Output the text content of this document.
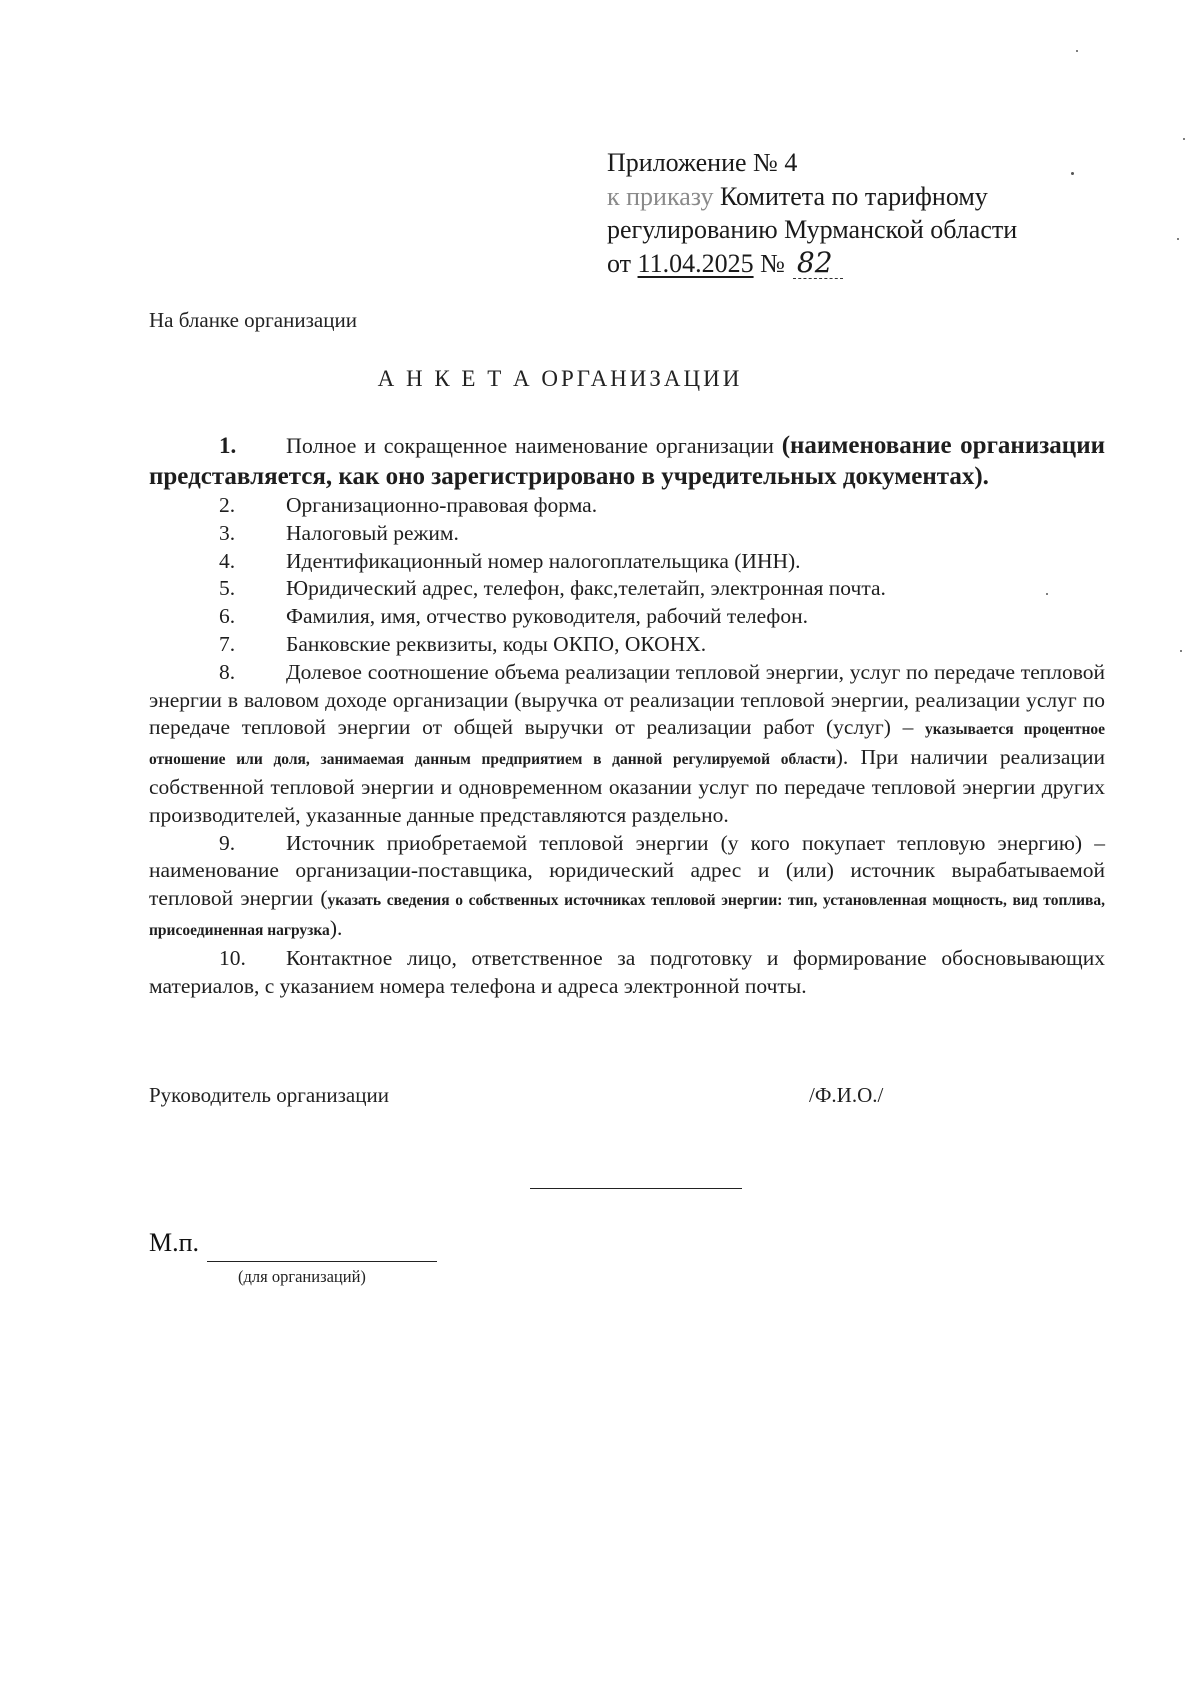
Приложение № 4
к приказу Комитета по тарифному
регулированию Мурманской области
от 11.04.2025 № 82
На бланке организации
А Н К Е Т А ОРГАНИЗАЦИИ

1. Полное и сокращенное наименование организации (наименование организации представляется, как оно зарегистрировано в учредительных документах).

2. Организационно-правовая форма.

3. Налоговый режим.

4. Идентификационный номер налогоплательщика (ИНН).

5. Юридический адрес, телефон, факс,телетайп, электронная почта.

6. Фамилия, имя, отчество руководителя, рабочий телефон.

7. Банковские реквизиты, коды ОКПО, ОКОНХ.

8. Долевое соотношение объема реализации тепловой энергии, услуг по передаче тепловой энергии в валовом доходе организации (выручка от реализации тепловой энергии, реализации услуг по передаче тепловой энергии от общей выручки от реализации работ (услуг) – указывается процентное отношение или доля, занимаемая данным предприятием в данной регулируемой области). При наличии реализации собственной тепловой энергии и одновременном оказании услуг по передаче тепловой энергии других производителей, указанные данные представляются раздельно.

9. Источник приобретаемой тепловой энергии (у кого покупает тепловую энергию) –наименование организации-поставщика, юридический адрес и (или) источник вырабатываемой тепловой энергии (указать сведения о собственных источниках тепловой энергии: тип, установленная мощность, вид топлива, присоединенная нагрузка).

10. Контактное лицо, ответственное за подготовку и формирование обосновывающих материалов, с указанием номера телефона и адреса электронной почты.

Руководитель организации	/Ф.И.О./
М.п.
(для организаций)
